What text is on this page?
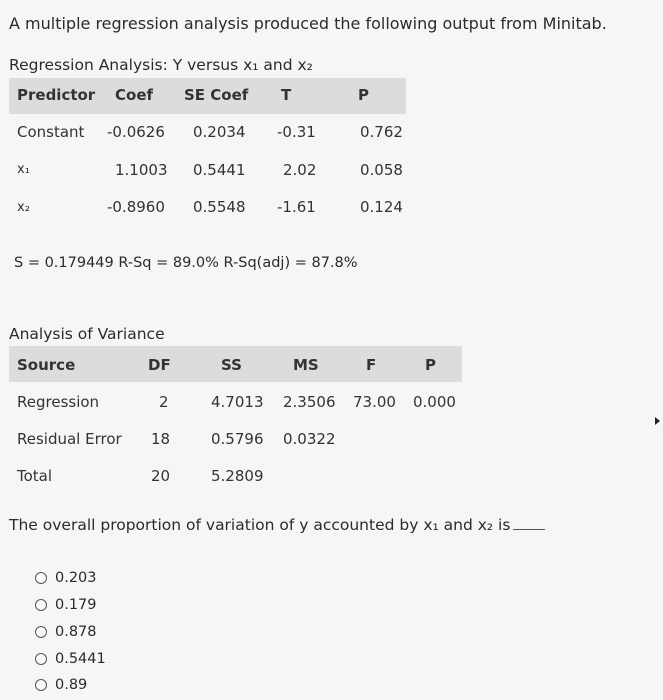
A multiple regression analysis produced the following output from Minitab.
Regression Analysis: Y versus x₁ and x₂
Predictor Coef SE Coef T	P
Constant -0.0626 0.2034 -0.31	0.762
x₁	1.1003 0.5441	2.02	0.058
x₂	-0.8960 0.5548 -1.61	0.124
S = 0.179449 R-Sq = 89.0% R-Sq(adj) = 87.8%
Analysis of Variance
Source	DF	SS	MS	F	P
Regression	2	4.7013 2.3506 73.00 0.000
Residual Error 18	0.5796 0.0322
Total	20	5.2809
The overall proportion of variation of y accounted by x₁ and x₂ is
0.203
0.179
0.878
0.5441
0.89
